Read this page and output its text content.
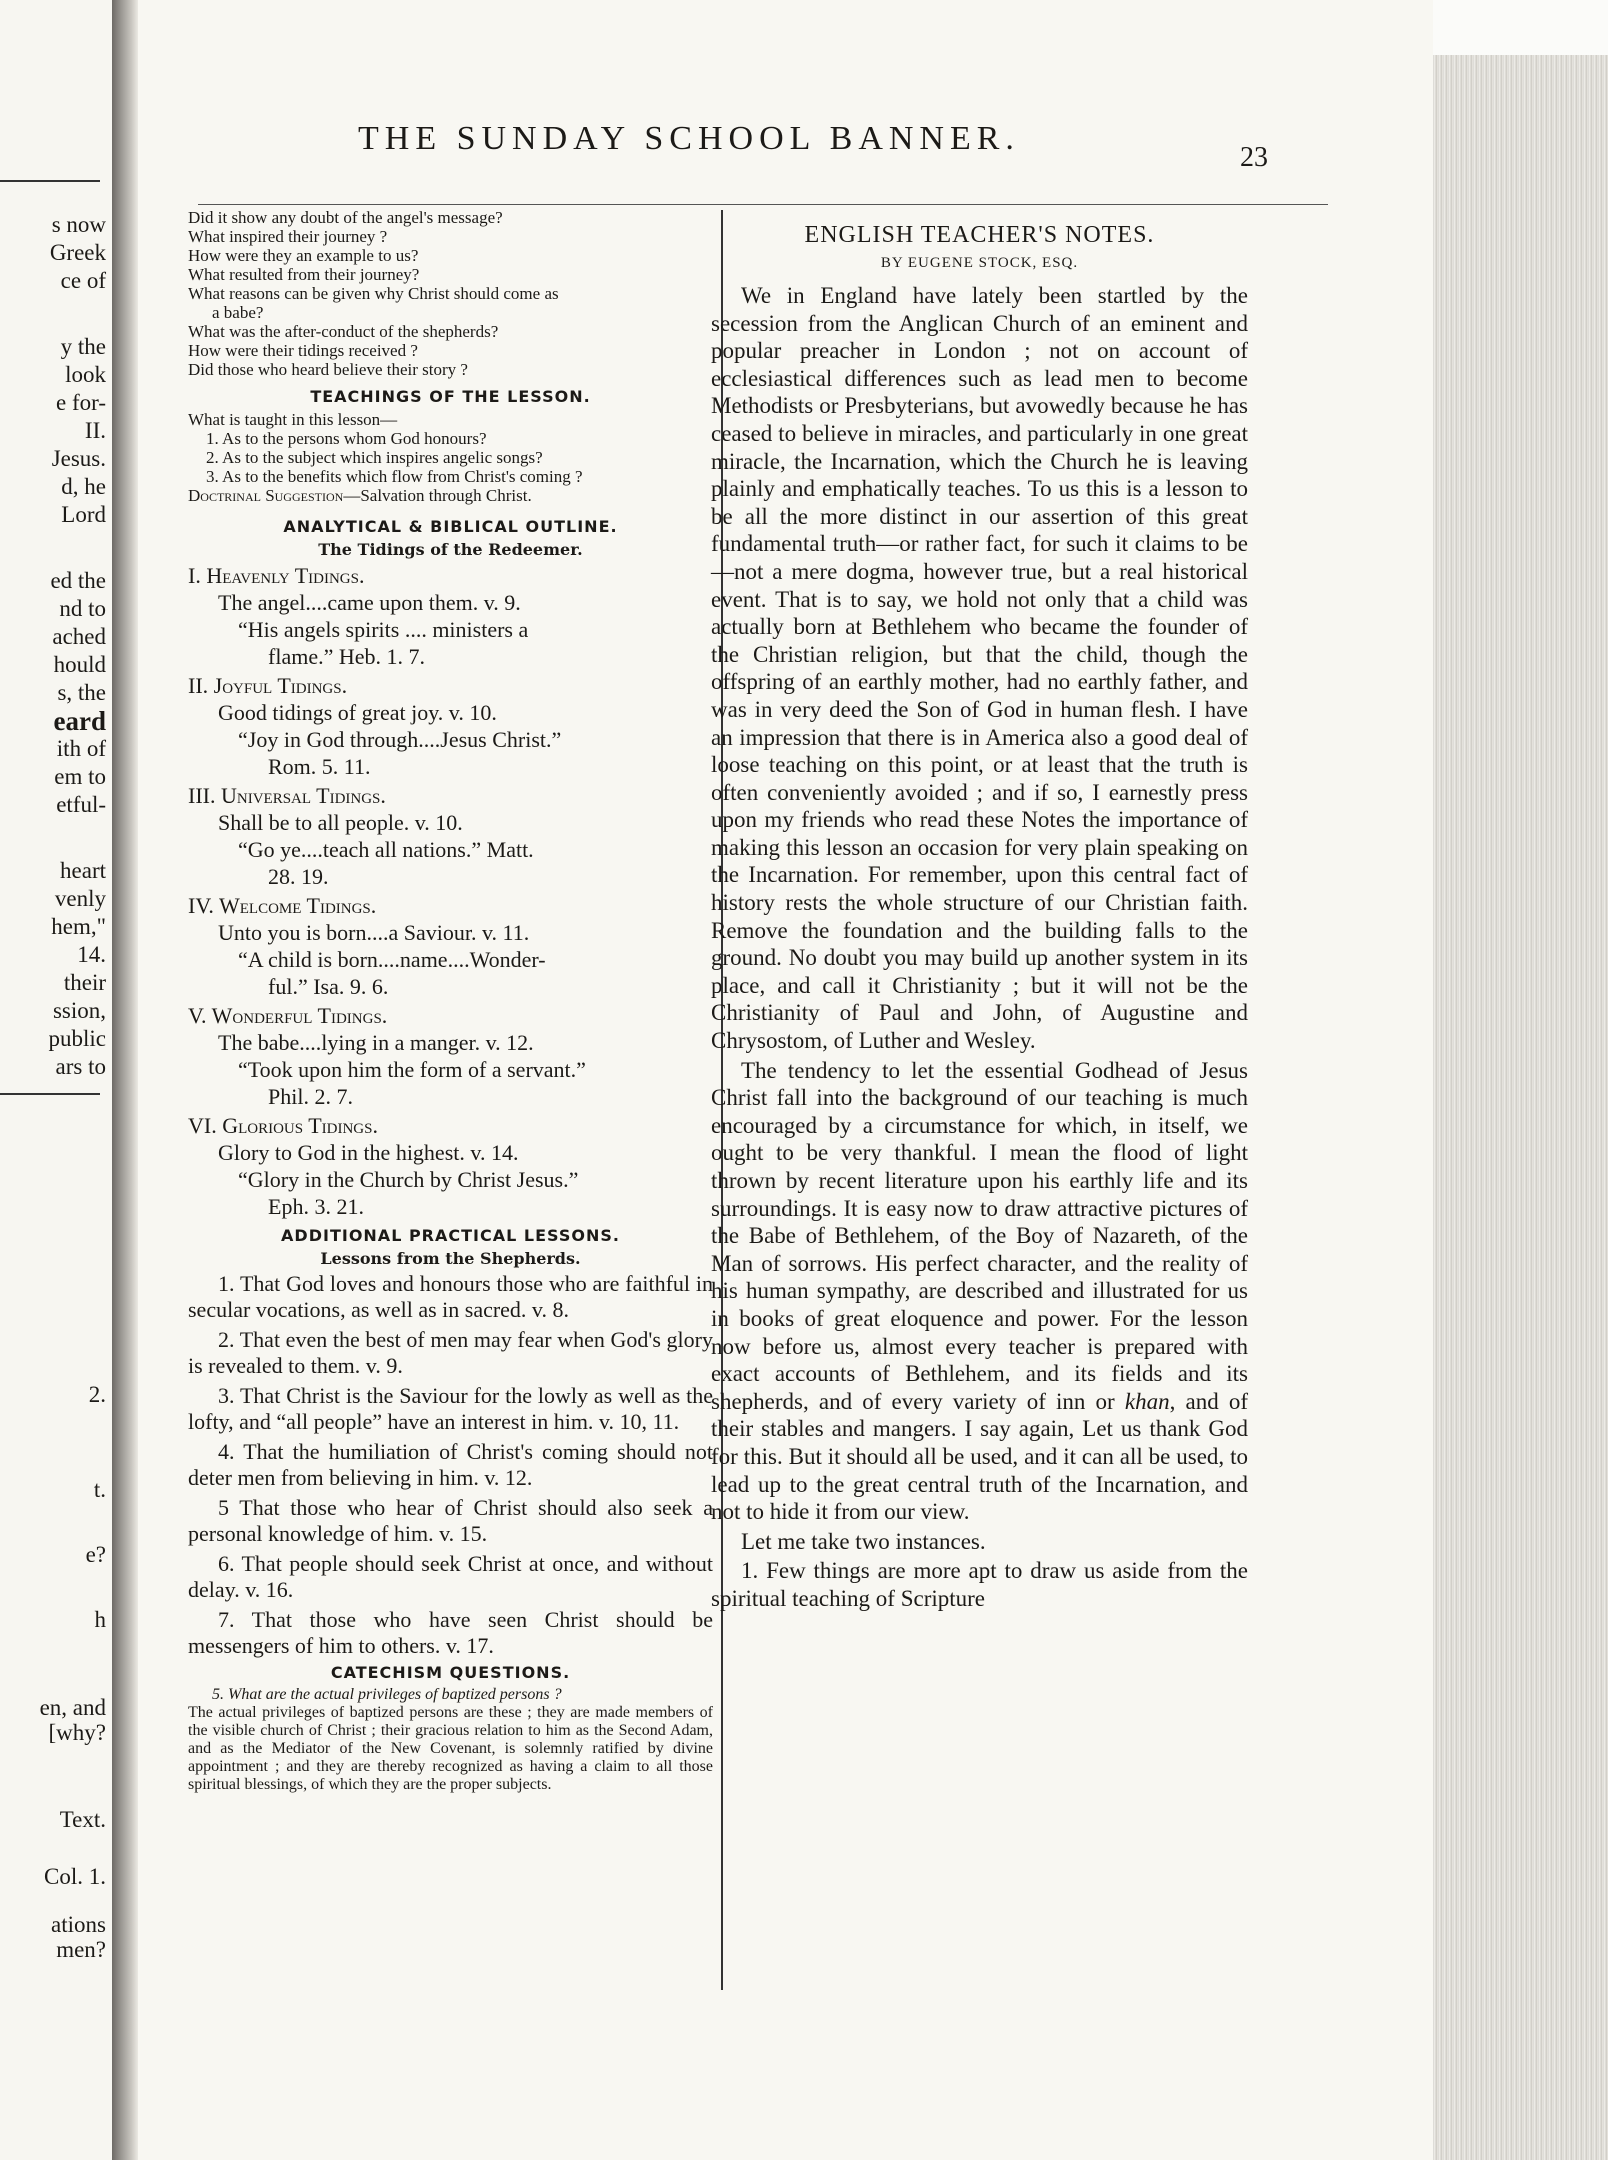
s now
Greek
ce of
y the
look
e for-
II.
Jesus.
d, he
Lord
ed the
nd to
ached
hould
s, the
eard
ith of
em to
etful-
heart
venly
hem,"
14.
their
ssion,
public
ars to
2.
t.
e?
h
en, and
[why?
Text.
Col. 1.
ations
men?
THE SUNDAY SCHOOL BANNER.
23
Did it show any doubt of the angel's message?
What inspired their journey ?
How were they an example to us?
What resulted from their journey?
What reasons can be given why Christ should come as
a babe?
What was the after-conduct of the shepherds?
How were their tidings received ?
Did those who heard believe their story ?
TEACHINGS OF THE LESSON.
What is taught in this lesson—
1. As to the persons whom God honours?
2. As to the subject which inspires angelic songs?
3. As to the benefits which flow from Christ's coming ?
Doctrinal Suggestion—Salvation through Christ.
ANALYTICAL & BIBLICAL OUTLINE.
The Tidings of the Redeemer.
I. Heavenly Tidings.
The angel....came upon them. v. 9.
“His angels spirits .... ministers a
flame.” Heb. 1. 7.
II. Joyful Tidings.
Good tidings of great joy. v. 10.
“Joy in God through....Jesus Christ.”
Rom. 5. 11.
III. Universal Tidings.
Shall be to all people. v. 10.
“Go ye....teach all nations.” Matt.
28. 19.
IV. Welcome Tidings.
Unto you is born....a Saviour. v. 11.
“A child is born....name....Wonder-
ful.” Isa. 9. 6.
V. Wonderful Tidings.
The babe....lying in a manger. v. 12.
“Took upon him the form of a servant.”
Phil. 2. 7.
VI. Glorious Tidings.
Glory to God in the highest. v. 14.
“Glory in the Church by Christ Jesus.”
Eph. 3. 21.
ADDITIONAL PRACTICAL LESSONS.
Lessons from the Shepherds.
1. That God loves and honours those who are faithful in secular vocations, as well as in sacred. v. 8.
2. That even the best of men may fear when God's glory is revealed to them. v. 9.
3. That Christ is the Saviour for the lowly as well as the lofty, and “all people” have an interest in him. v. 10, 11.
4. That the humiliation of Christ's coming should not deter men from believing in him. v. 12.
5 That those who hear of Christ should also seek a personal knowledge of him. v. 15.
6. That people should seek Christ at once, and without delay. v. 16.
7. That those who have seen Christ should be messengers of him to others. v. 17.
CATECHISM QUESTIONS.
5. What are the actual privileges of baptized persons ?
The actual privileges of baptized persons are these ; they are made members of the visible church of Christ ; their gracious relation to him as the Second Adam, and as the Mediator of the New Covenant, is solemnly ratified by divine appointment ; and they are thereby recognized as having a claim to all those spiritual blessings, of which they are the proper subjects.
ENGLISH TEACHER'S NOTES.
BY EUGENE STOCK, ESQ.

We in England have lately been startled by the secession from the Anglican Church of an eminent and popular preacher in London ; not on account of ecclesiastical differences such as lead men to become Methodists or Presbyterians, but avowedly because he has ceased to believe in miracles, and particularly in one great miracle, the Incarnation, which the Church he is leaving plainly and emphatically teaches. To us this is a lesson to be all the more distinct in our assertion of this great fundamental truth—or rather fact, for such it claims to be—not a mere dogma, however true, but a real historical event. That is to say, we hold not only that a child was actually born at Bethlehem who became the founder of the Christian religion, but that the child, though the offspring of an earthly mother, had no earthly father, and was in very deed the Son of God in human flesh. I have an impression that there is in America also a good deal of loose teaching on this point, or at least that the truth is often conveniently avoided ; and if so, I earnestly press upon my friends who read these Notes the importance of making this lesson an occasion for very plain speaking on the Incarnation. For remember, upon this central fact of history rests the whole structure of our Christian faith. Remove the foundation and the building falls to the ground. No doubt you may build up another system in its place, and call it Christianity ; but it will not be the Christianity of Paul and John, of Augustine and Chrysostom, of Luther and Wesley.

The tendency to let the essential Godhead of Jesus Christ fall into the background of our teaching is much encouraged by a circumstance for which, in itself, we ought to be very thankful. I mean the flood of light thrown by recent literature upon his earthly life and its surroundings. It is easy now to draw attractive pictures of the Babe of Bethlehem, of the Boy of Nazareth, of the Man of sorrows. His perfect character, and the reality of his human sympathy, are described and illustrated for us in books of great eloquence and power. For the lesson now before us, almost every teacher is prepared with exact accounts of Bethlehem, and its fields and its shepherds, and of every variety of inn or khan, and of their stables and mangers. I say again, Let us thank God for this. But it should all be used, and it can all be used, to lead up to the great central truth of the Incarnation, and not to hide it from our view.

Let me take two instances.

1. Few things are more apt to draw us aside from the spiritual teaching of Scripture
